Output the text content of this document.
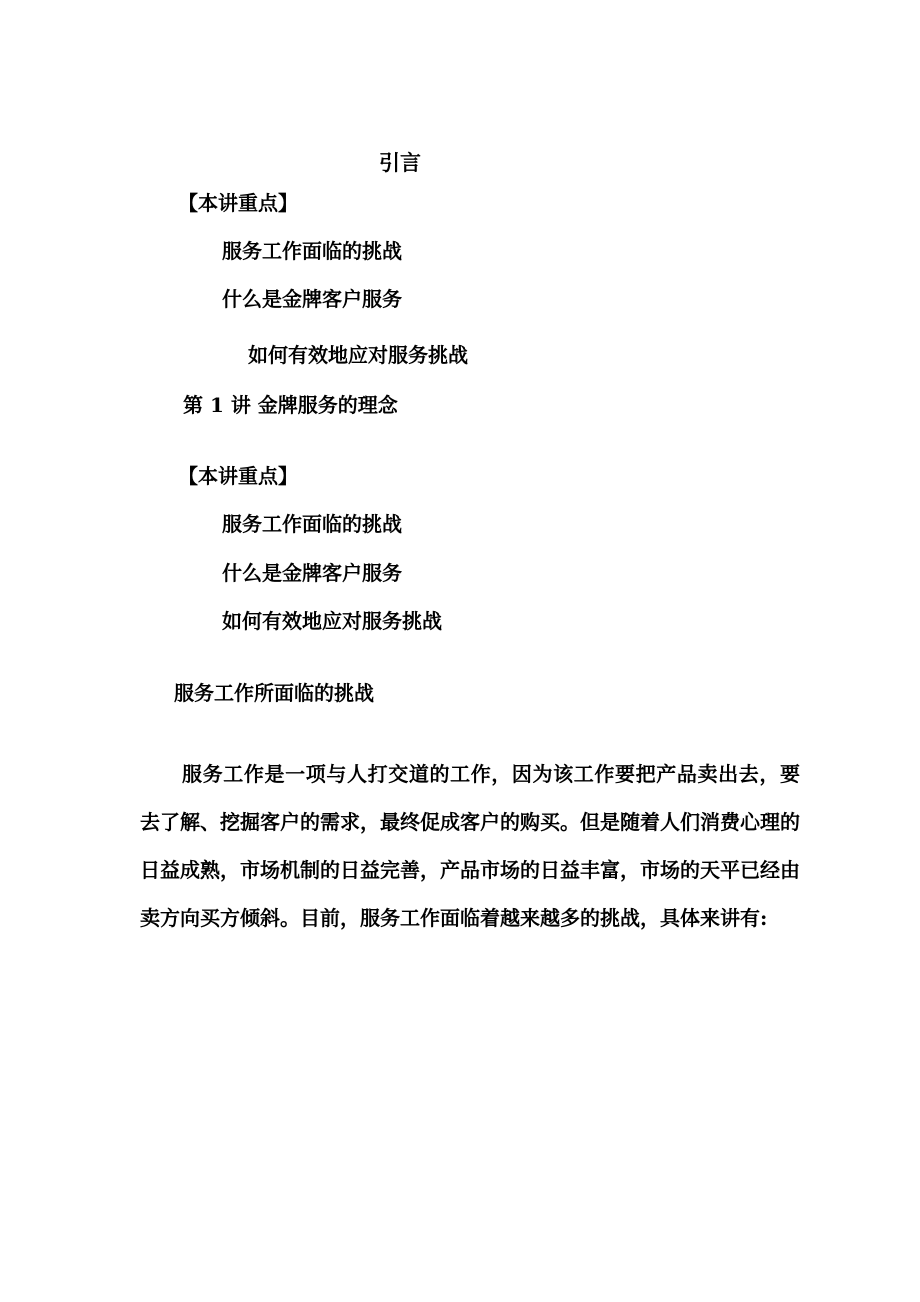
引言
【本讲重点】
服务工作面临的挑战
什么是金牌客户服务
如何有效地应对服务挑战
第 1 讲 金牌服务的理念
【本讲重点】
服务工作面临的挑战
什么是金牌客户服务
如何有效地应对服务挑战
服务工作所面临的挑战
服务工作是一项与人打交道的工作，因为该工作要把产品卖出去，要去了解、挖掘客户的需求，最终促成客户的购买。但是随着人们消费心理的日益成熟，市场机制的日益完善，产品市场的日益丰富，市场的天平已经由卖方向买方倾斜。目前，服务工作面临着越来越多的挑战，具体来讲有:
